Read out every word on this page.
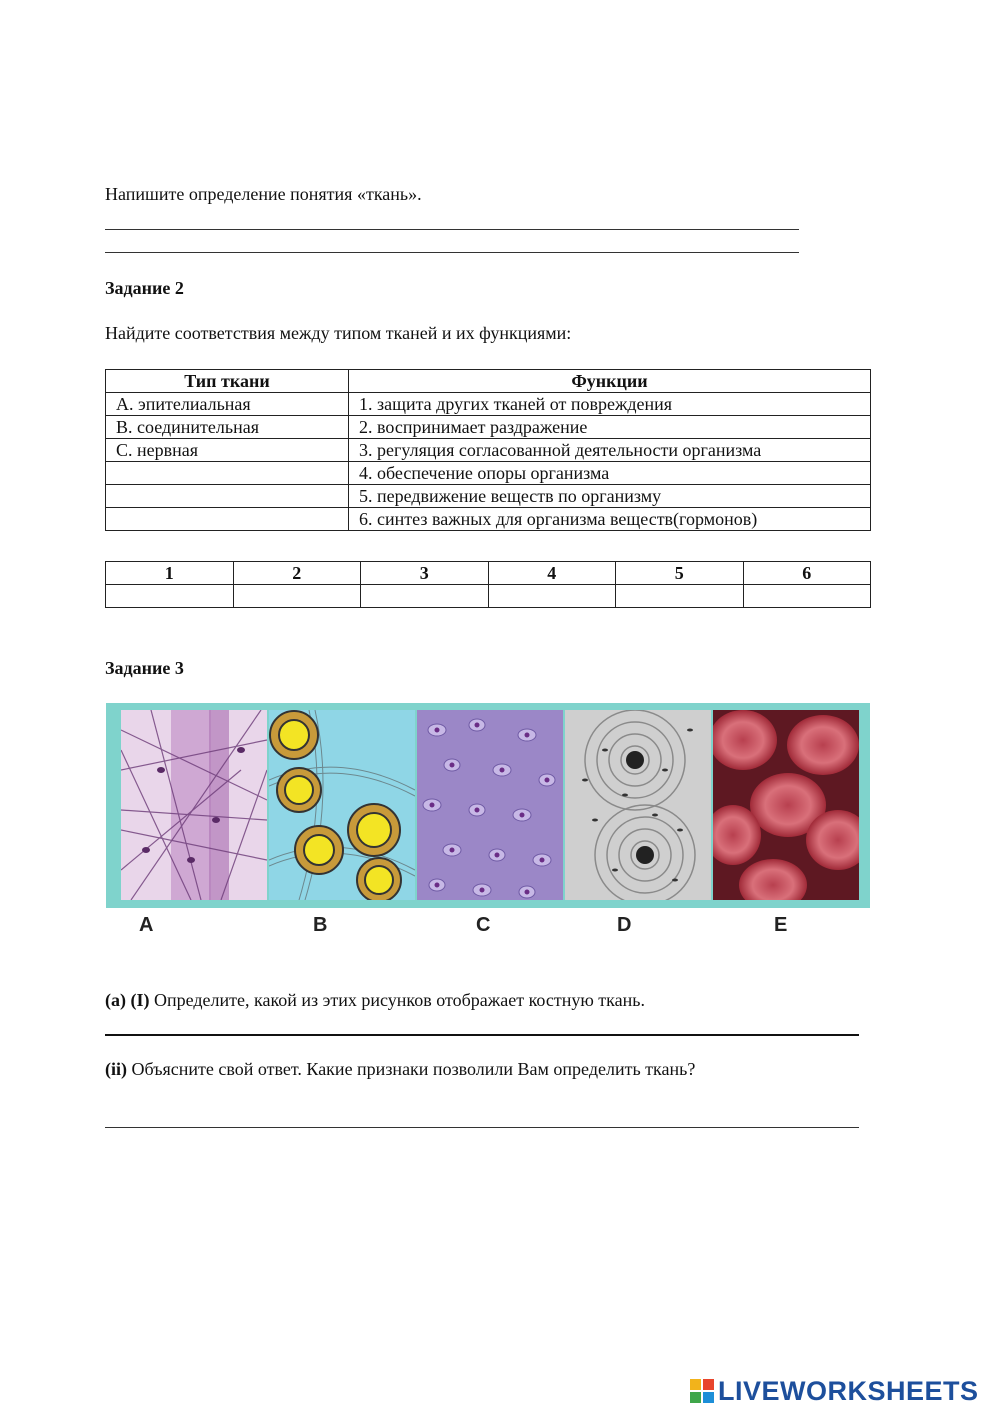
Напишите определение понятия «ткань».
Задание 2
Найдите соответствия между типом тканей и их функциями:
Тип ткани	Функции
А. эпителиальная	1. защита других тканей от повреждения
В. соединительная	2. воспринимает раздражение
С. нервная	3. регуляция согласованной деятельности организма
	4. обеспечение опоры организма
	5. передвижение веществ по организму
	6. синтез важных для организма веществ(гормонов)
1	2	3	4	5	6

Задание 3
A	B	C	D	E
(a) (I) Определите, какой из этих рисунков отображает костную ткань.
(ii) Объясните свой ответ. Какие признаки позволили Вам определить ткань?
LIVEWORKSHEETS
